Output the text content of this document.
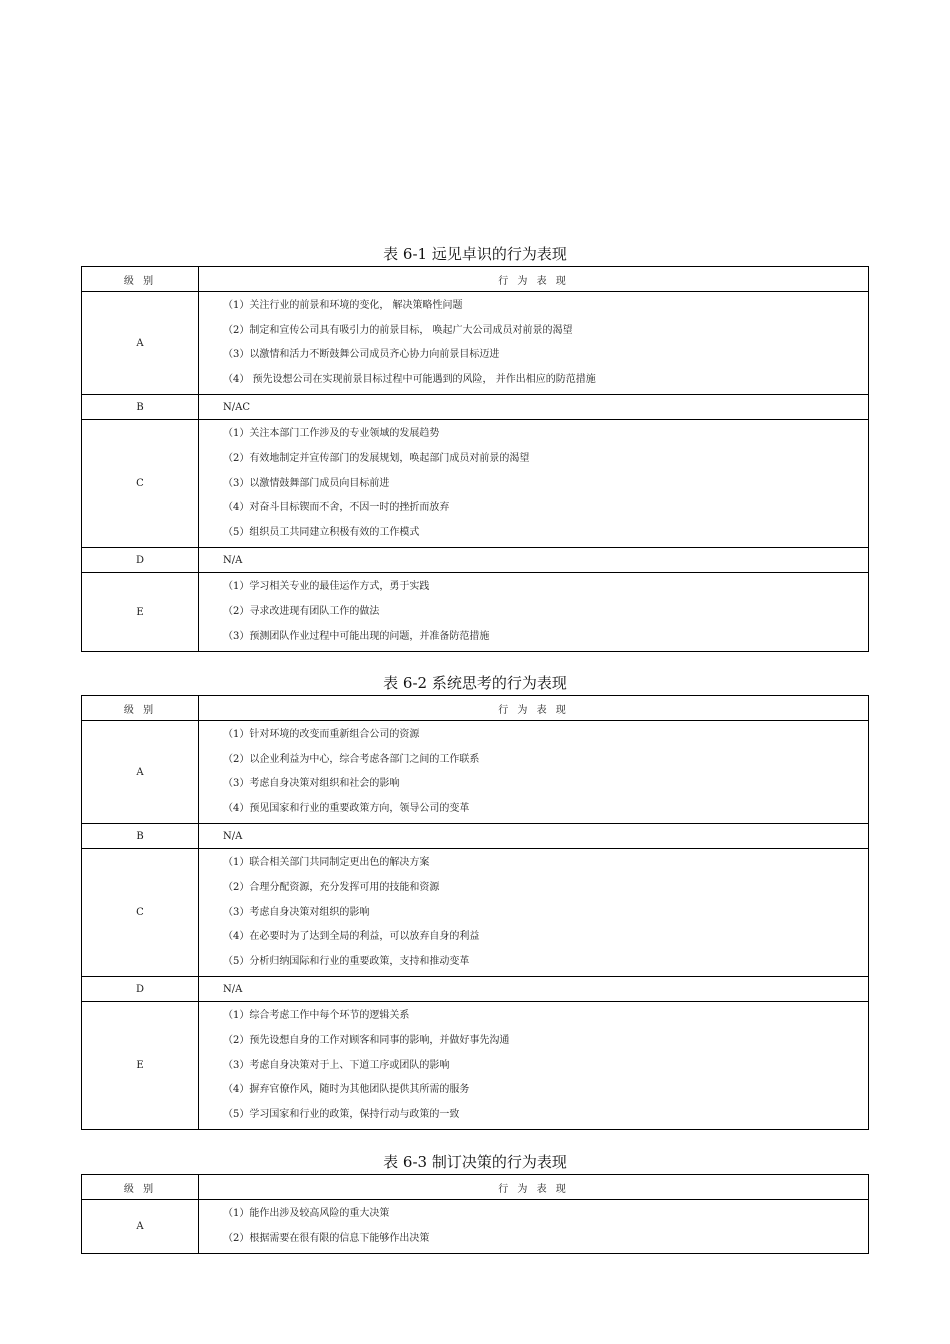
表 6-1 远见卓识的行为表现
级 别	行 为 表 现
A	（1）关注行业的前景和环境的变化， 解决策略性问题
（2）制定和宣传公司具有吸引力的前景目标， 唤起广大公司成员对前景的渴望
（3）以激情和活力不断鼓舞公司成员齐心协力向前景目标迈进
（4） 预先设想公司在实现前景目标过程中可能遇到的风险， 并作出相应的防范措施

B	N/AC
C	（1）关注本部门工作涉及的专业领域的发展趋势
（2）有效地制定并宣传部门的发展规划，唤起部门成员对前景的渴望
（3）以激情鼓舞部门成员向目标前进
（4）对奋斗目标锲而不舍，不因一时的挫折而放弃
（5）组织员工共同建立积极有效的工作模式

D	N/A
E	（1）学习相关专业的最佳运作方式，勇于实践
（2）寻求改进现有团队工作的做法
（3）预测团队作业过程中可能出现的问题，并准备防范措施
表 6-2 系统思考的行为表现
级 别	行 为 表 现
A	（1）针对环境的改变而重新组合公司的资源
（2）以企业利益为中心，综合考虑各部门之间的工作联系
（3）考虑自身决策对组织和社会的影响
（4）预见国家和行业的重要政策方向，领导公司的变革

B	N/A
C	（1）联合相关部门共同制定更出色的解决方案
（2）合理分配资源，充分发挥可用的技能和资源
（3）考虑自身决策对组织的影响
（4）在必要时为了达到全局的利益，可以放弃自身的利益
（5）分析归纳国际和行业的重要政策，支持和推动变革

D	N/A
E	（1）综合考虑工作中每个环节的逻辑关系
（2）预先设想自身的工作对顾客和同事的影响，并做好事先沟通
（3）考虑自身决策对于上、下道工序或团队的影响
（4）摒弃官僚作风，随时为其他团队提供其所需的服务
（5）学习国家和行业的政策，保持行动与政策的一致
表 6-3 制订决策的行为表现
级 别	行 为 表 现
A	（1）能作出涉及较高风险的重大决策
（2）根据需要在很有限的信息下能够作出决策
